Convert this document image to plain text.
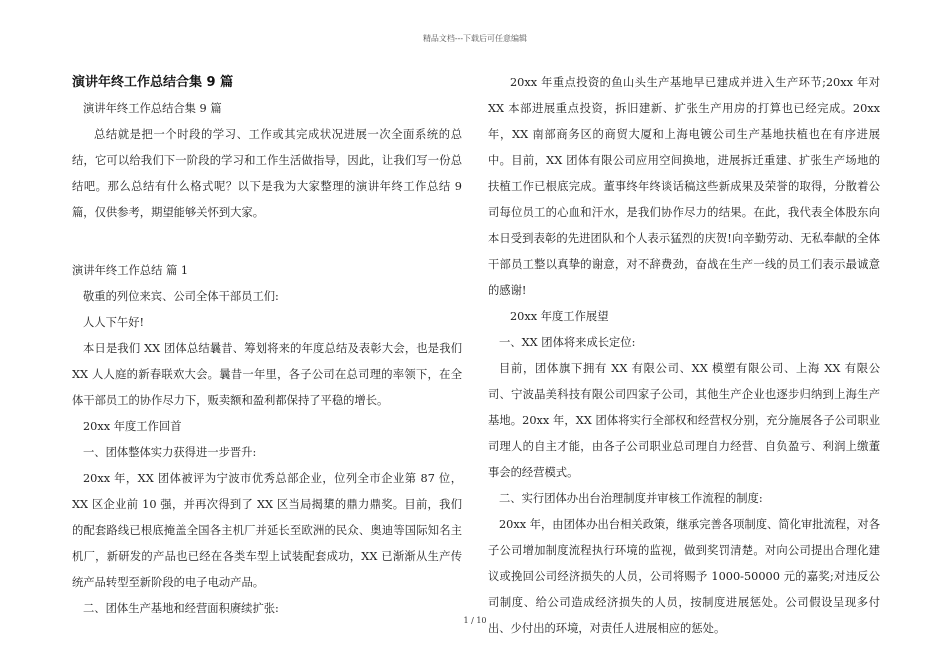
精品文档---下载后可任意编辑
演讲年终工作总结合集 9 篇

演讲年终工作总结合集 9 篇

总结就是把一个时段的学习、工作或其完成状况进展一次全面系统的总结，它可以给我们下一阶段的学习和工作生活做指导，因此，让我们写一份总结吧。那么总结有什么格式呢？以下是我为大家整理的演讲年终工作总结 9 篇，仅供参考，期望能够关怀到大家。

演讲年终工作总结 篇 1

敬重的列位来宾、公司全体干部员工们:

人人下午好!

本日是我们 XX 团体总结曩昔、筹划将来的年度总结及表彰大会，也是我们 XX 人人庭的新春联欢大会。曩昔一年里，各子公司在总司理的率领下，在全体干部员工的协作尽力下，贩卖额和盈利都保持了平稳的增长。

20xx 年度工作回首

一、团体整体实力获得进一步晋升:

20xx 年，XX 团体被评为宁波市优秀总部企业，位列全市企业第 87 位，XX 区企业前 10 强，并再次得到了 XX 区当局揭橥的鼎力鼎奖。目前，我们的配套路线已根底掩盖全国各主机厂并延长至欧洲的民众、奥迪等国际知名主机厂，新研发的产品也已经在各类车型上试装配套成功，XX 已渐渐从生产传统产品转型至新阶段的电子电动产品。

二、团体生产基地和经营面积赓续扩张:

20xx 年重点投资的鱼山头生产基地早已建成并进入生产环节;20xx 年对 XX 本部进展重点投资，拆旧建新、扩张生产用房的打算也已经完成。20xx 年，XX 南部商务区的商贸大厦和上海电镀公司生产基地扶植也在有序进展中。目前，XX 团体有限公司应用空间换地，进展拆迁重建、扩张生产场地的扶植工作已根底完成。董事终年终谈话稿这些新成果及荣誉的取得，分散着公司每位员工的心血和汗水，是我们协作尽力的结果。在此，我代表全体股东向本日受到表彰的先进团队和个人表示猛烈的庆贺!向辛勤劳动、无私奉献的全体干部员工整以真挚的谢意，对不辞费劲，奋战在生产一线的员工们表示最诚意的感谢!

20xx 年度工作展望

一、XX 团体将来成长定位:

目前，团体旗下拥有 XX 有限公司、XX 模塑有限公司、上海 XX 有限公司、宁波晶美科技有限公司四家子公司，其他生产企业也逐步归纳到上海生产基地。20xx 年，XX 团体将实行全部权和经营权分别，充分施展各子公司职业司理人的自主才能，由各子公司职业总司理自力经营、自负盈亏、利润上缴董事会的经营模式。

二、实行团体办出台治理制度并审核工作流程的制度:

20xx 年，由团体办出台相关政策，继承完善各项制度、简化审批流程，对各子公司增加制度流程执行环境的监视，做到奖罚清楚。对向公司提出合理化建议或挽回公司经济损失的人员，公司将赐予 1000-50000 元的嘉奖;对违反公司制度、给公司造成经济损失的人员，按制度进展惩处。公司假设呈现多付出、少付出的环境，对责任人进展相应的惩处。

1 / 10
